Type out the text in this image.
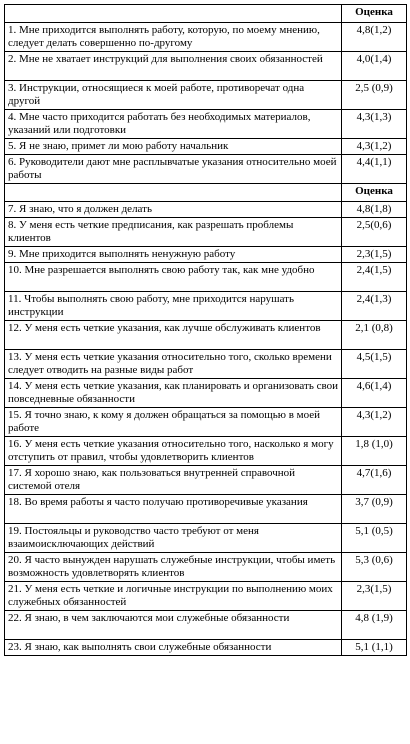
	Оценка
1. Мне приходится выполнять работу, которую, по моему мнению, следует делать совершенно по-другому	4,8(1,2)
2. Мне не хватает инструкций для выполнения своих обязанностей	4,0(1,4)
3. Инструкции, относящиеся к моей работе, противоречат одна другой	2,5 (0,9)
4. Мне часто приходится работать без необходимых материалов, указаний или подготовки	4,3(1,3)
5. Я не знаю, примет ли мою работу начальник	4,3(1,2)
6. Руководители дают мне расплывчатые указания относительно моей работы	4,4(1,1)
	Оценка
7. Я знаю, что я должен делать	4,8(1,8)
8. У меня есть четкие предписания, как разрешать проблемы клиентов	2,5(0,6)
9. Мне приходится выполнять ненужную работу	2,3(1,5)
10. Мне разрешается выполнять свою работу так, как мне удобно	2,4(1,5)
11. Чтобы выполнять свою работу, мне приходится нарушать инструкции	2,4(1,3)
12. У меня есть четкие указания, как лучше обслуживать клиентов	2,1 (0,8)
13. У меня есть четкие указания относительно того, сколько времени следует отводить на разные виды работ	4,5(1,5)
14. У меня есть четкие указания, как планировать и организовать свои повседневные обязанности	4,6(1,4)
15. Я точно знаю, к кому я должен обращаться за помощью в моей работе	4,3(1,2)
16. У меня есть четкие указания относительно того, насколько я могу отступить от правил, чтобы удовлетворить клиентов	1,8 (1,0)
17. Я хорошо знаю, как пользоваться внутренней справочной системой отеля	4,7(1,6)
18. Во время работы я часто получаю противоречивые указания	3,7 (0,9)
19. Постояльцы и руководство часто требуют от меня взаимоисключающих действий	5,1 (0,5)
20. Я часто вынужден нарушать служебные инструкции, чтобы иметь возможность удовлетворять клиентов	5,3 (0,6)
21. У меня есть четкие и логичные инструкции по выполнению моих служебных обязанностей	2,3(1,5)
22. Я знаю, в чем заключаются мои служебные обязанности	4,8 (1,9)
23. Я знаю, как выполнять свои служебные обязанности	5,1 (1,1)
